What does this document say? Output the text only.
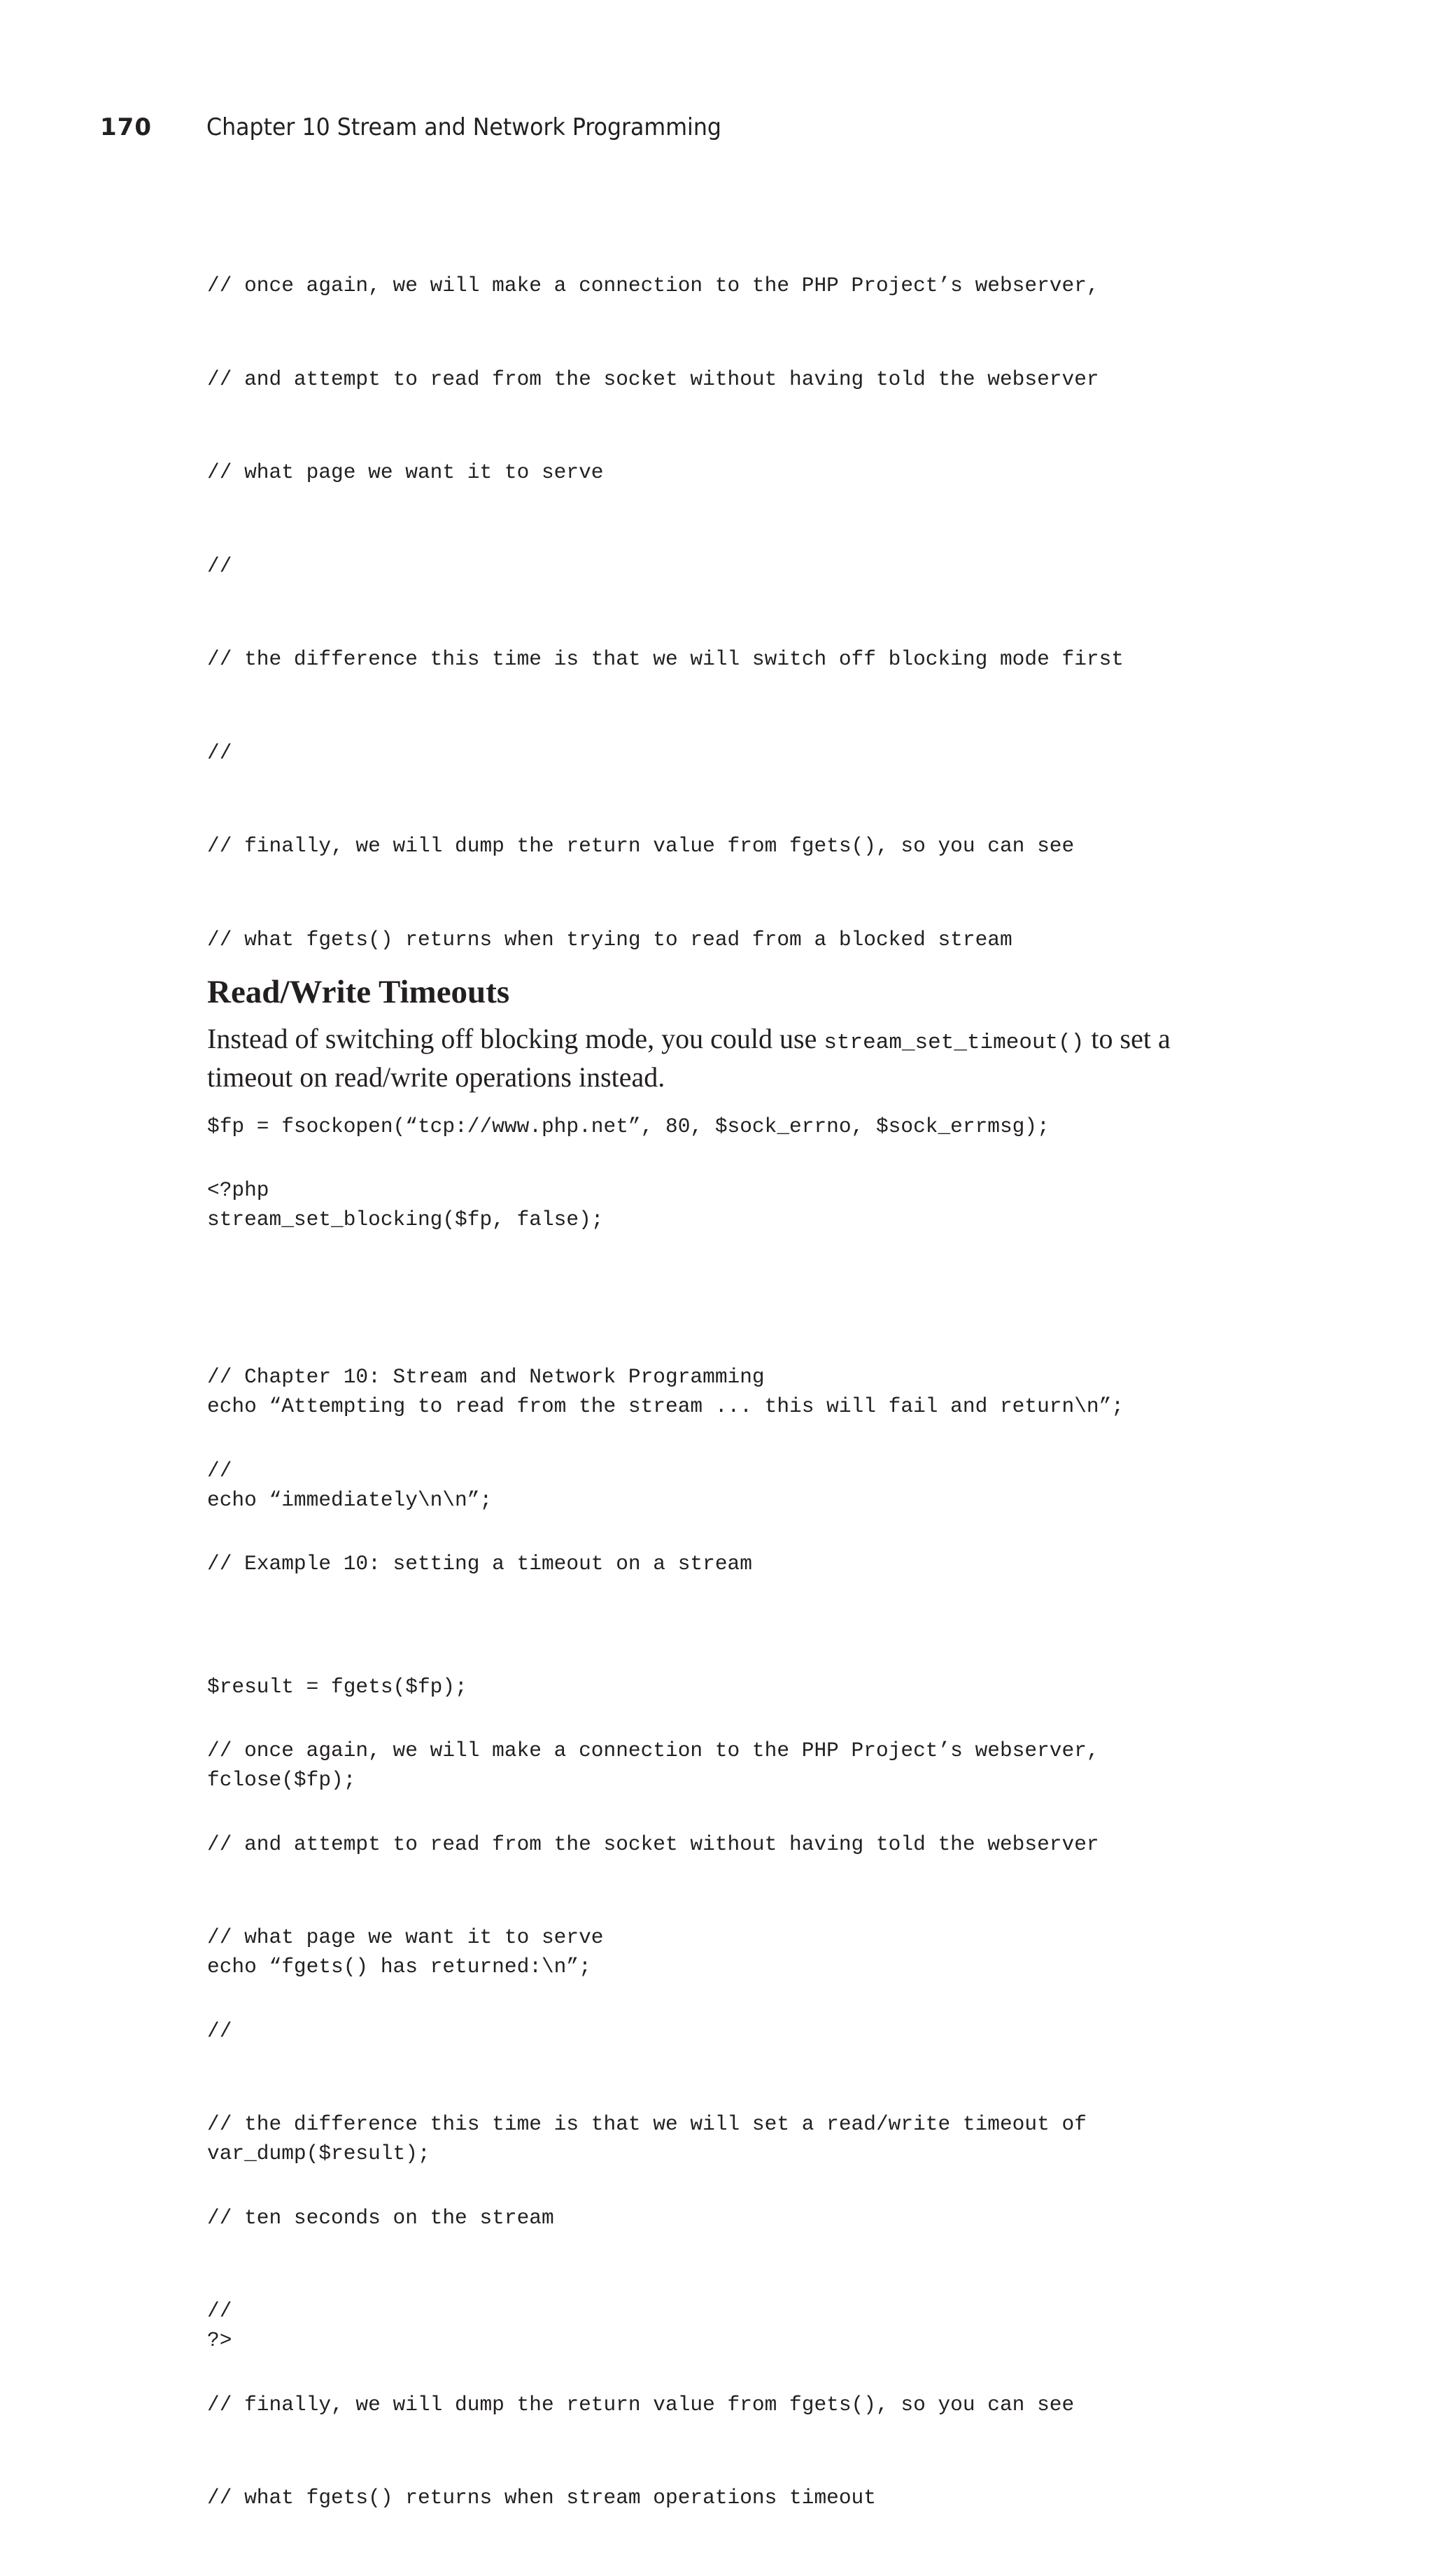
170 Chapter 10 Stream and Network Programming

// once again, we will make a connection to the PHP Project’s webserver,

// and attempt to read from the socket without having told the webserver

// what page we want it to serve

//

// the difference this time is that we will switch off blocking mode first

//

// finally, we will dump the return value from fgets(), so you can see

// what fgets() returns when trying to read from a blocked stream

$fp = fsockopen(“tcp://www.php.net”, 80, $sock_errno, $sock_errmsg);

stream_set_blocking($fp, false);

echo “Attempting to read from the stream ... this will fail and return\n”;

echo “immediately\n\n”;

$result = fgets($fp);

fclose($fp);

echo “fgets() has returned:\n”;

var_dump($result);

?>

Read/Write Timeouts

Instead of switching off blocking mode, you could use stream_set_timeout() to set a timeout on read/write operations instead.

<?php

// Chapter 10: Stream and Network Programming

//

// Example 10: setting a timeout on a stream

// once again, we will make a connection to the PHP Project’s webserver,

// and attempt to read from the socket without having told the webserver

// what page we want it to serve

//

// the difference this time is that we will set a read/write timeout of

// ten seconds on the stream

//

// finally, we will dump the return value from fgets(), so you can see

// what fgets() returns when stream operations timeout
